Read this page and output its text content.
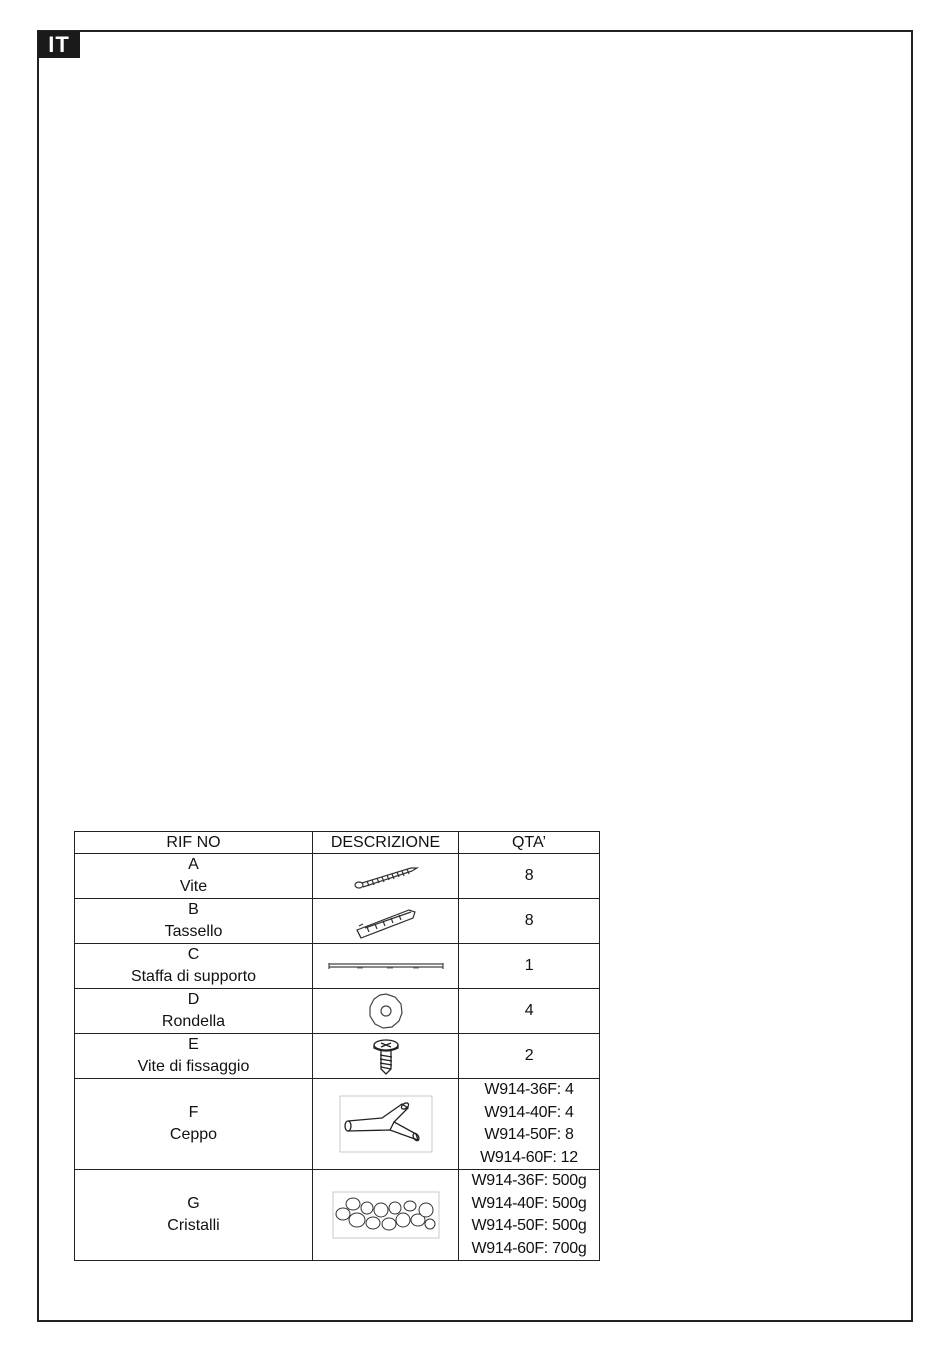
IT
RIF NO	DESCRIZIONE	QTA’

A
Vite		8

B
Tassello		8

C
Staffa di supporto		1

D
Rondella		4

E
Vite di fissaggio		2

F
Ceppo		W914-36F: 4
W914-40F: 4
W914-50F: 8
W914-60F: 12

G
Cristalli		W914-36F: 500g
W914-40F: 500g
W914-50F: 500g
W914-60F: 700g
